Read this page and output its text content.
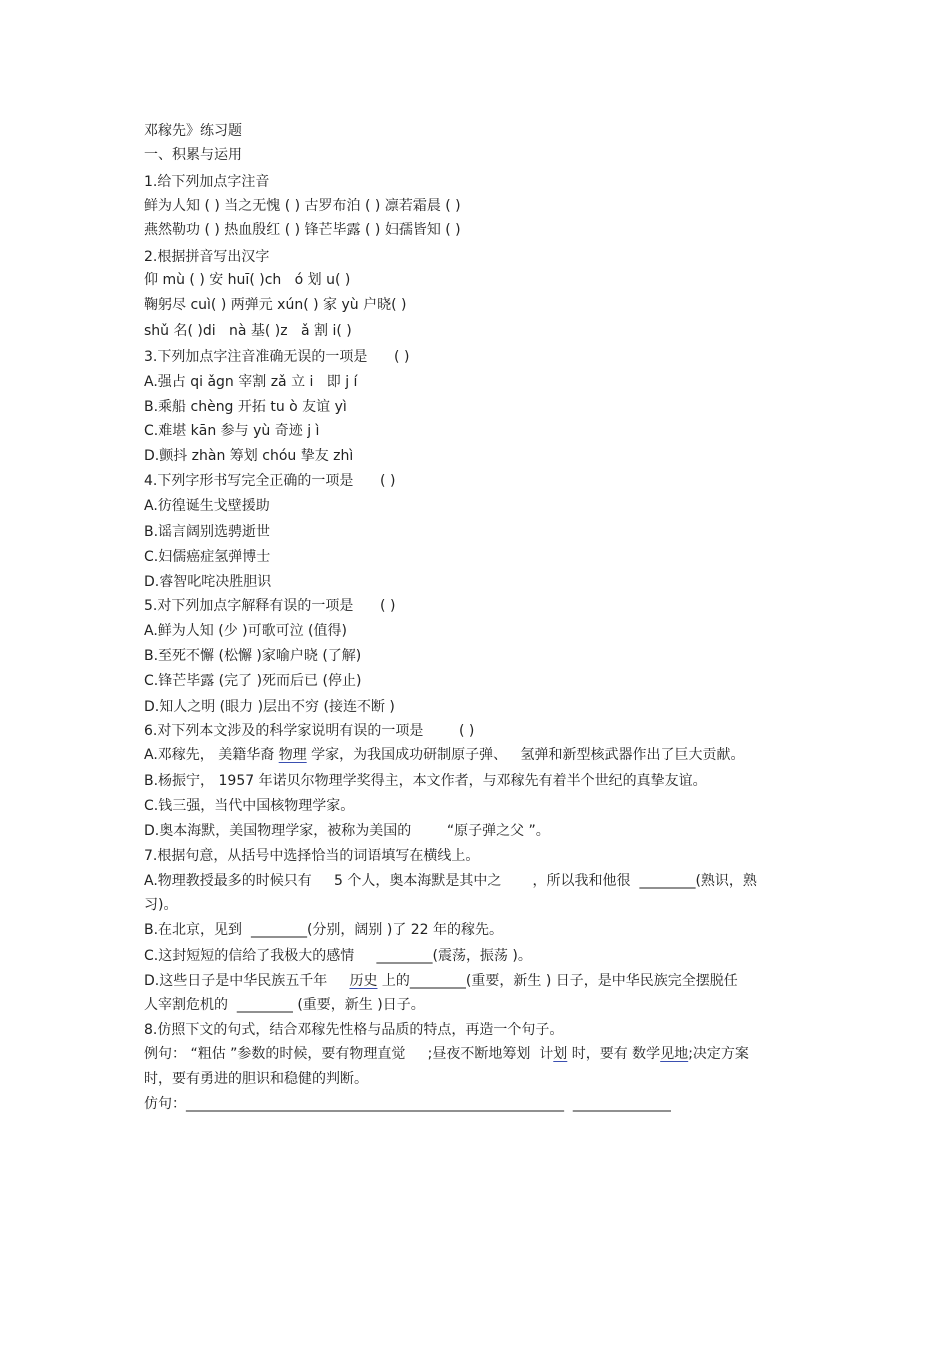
邓稼先》练习题
一、积累与运用
1.给下列加点字注音
鲜为人知 ( ) 当之无愧 ( ) 古罗布泊 ( ) 凛若霜晨 ( )
燕然勒功 ( ) 热血殷红 ( ) 锋芒毕露 ( ) 妇孺皆知 ( )
2.根据拼音写出汉字
仰 mù ( ) 安 huī( )ch   ó 划 u( )
鞠躬尽 cuì( ) 两弹元 xún( ) 家 yù 户晓( )
shǔ 名( )di   nà 基( )z   ǎ 割 i( )
3.下列加点字注音准确无误的一项是      ( )
A.强占 qi ǎgn 宰割 zǎ 立 i   即 j í
B.乘船 chèng 开拓 tu ò 友谊 yì
C.难堪 kān 参与 yù 奇迹 j ì
D.颤抖 zhàn 筹划 chóu 挚友 zhì
4.下列字形书写完全正确的一项是      ( )
A.彷徨诞生戈壁援助
B.谣言阔别选骋逝世
C.妇儒癌症氢弹博士
D.睿智叱咤决胜胆识
5.对下列加点字解释有误的一项是      ( )
A.鲜为人知 (少 )可歌可泣 (值得)
B.至死不懈 (松懈 )家喻户晓 (了解)
C.锋芒毕露 (完了 )死而后已 (停止)
D.知人之明 (眼力 )层出不穷 (接连不断 )
6.对下列本文涉及的科学家说明有误的一项是        ( )
A.邓稼先， 美籍华裔 物理 学家，为我国成功研制原子弹、   氢弹和新型核武器作出了巨大贡献。
B.杨振宁， 1957 年诺贝尔物理学奖得主，本文作者，与邓稼先有着半个世纪的真挚友谊。
C.钱三强，当代中国核物理学家。
D.奥本海默，美国物理学家，被称为美国的        “原子弹之父 ”。
7.根据句意，从括号中选择恰当的词语填写在横线上。
A.物理教授最多的时候只有     5 个人，奥本海默是其中之       ，所以我和他很  ________(熟识，熟
习)。
B.在北京，见到  ________(分别，阔别 )了 22 年的稼先。
C.这封短短的信给了我极大的感情     ________(震荡，振荡 )。
D.这些日子是中华民族五千年     历史 上的________(重要，新生 ) 日子，是中华民族完全摆脱任
人宰割危机的  ________ (重要，新生 )日子。
8.仿照下文的句式，结合邓稼先性格与品质的特点，再造一个句子。
例句： “粗估 ”参数的时候，要有物理直觉     ;昼夜不断地筹划  计划 时，要有 数学见地;决定方案
时，要有勇进的胆识和稳健的判断。
仿句：______________________________________________________  ______________
